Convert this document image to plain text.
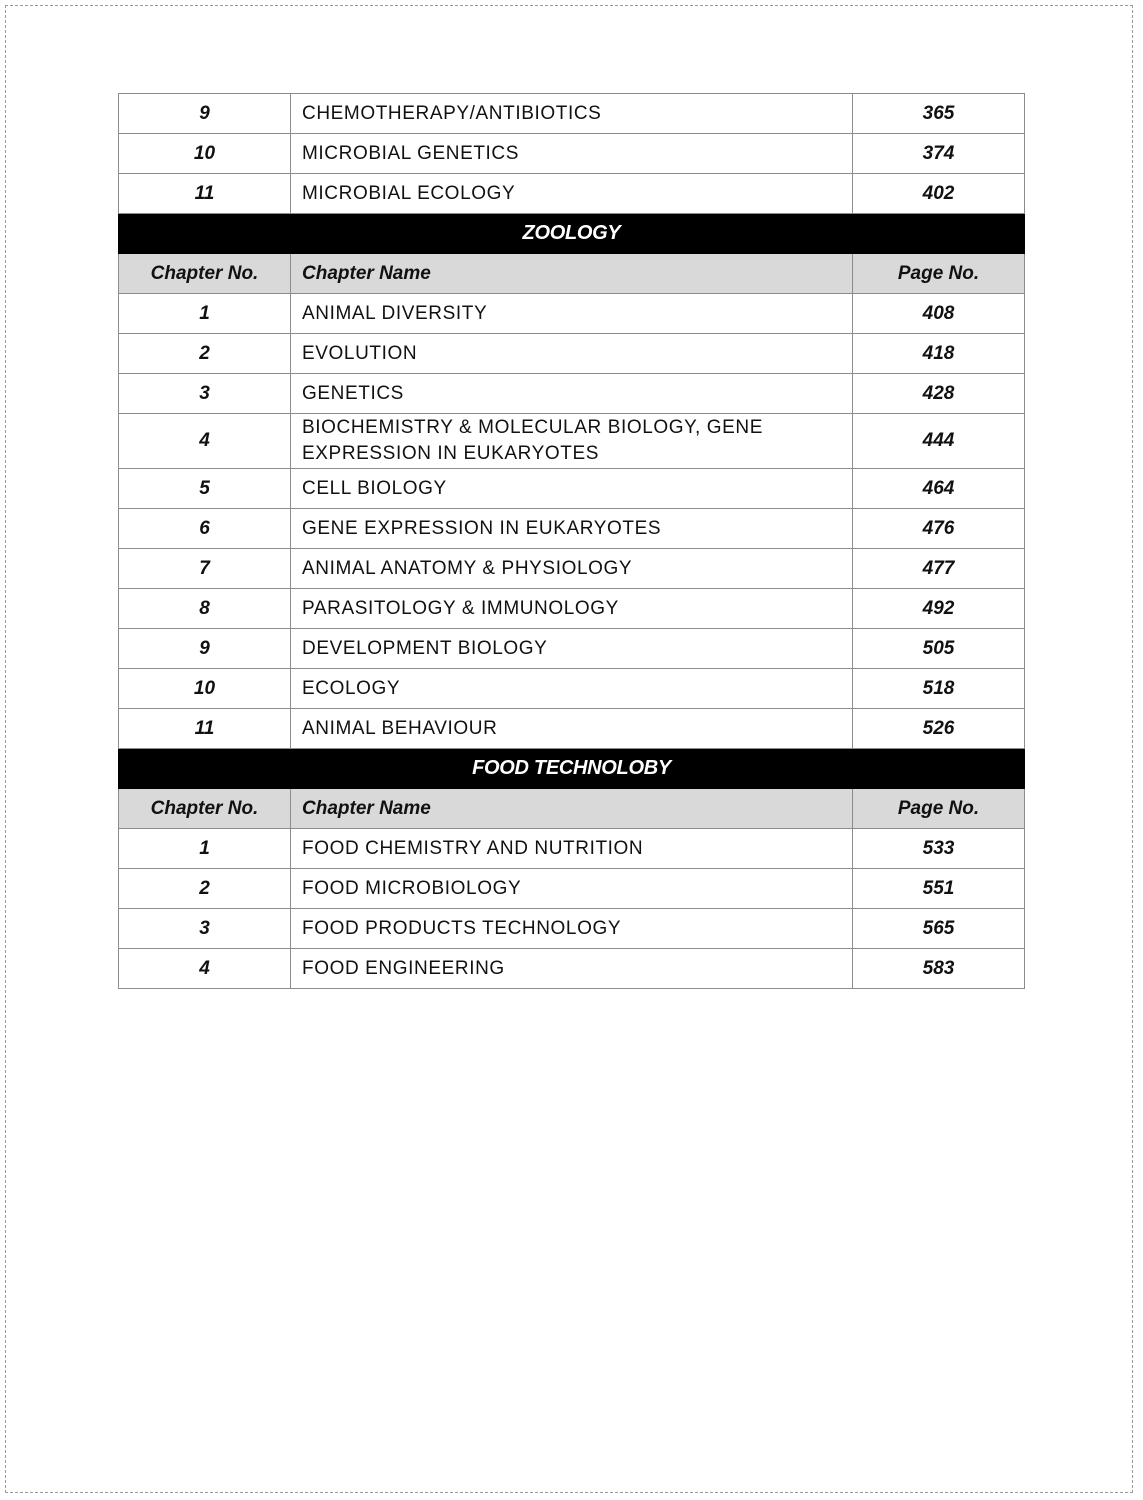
9	CHEMOTHERAPY/ANTIBIOTICS	365
10	MICROBIAL GENETICS	374
11	MICROBIAL ECOLOGY	402
ZOOLOGY		
Chapter No.	Chapter Name	Page No.
1	ANIMAL DIVERSITY	408
2	EVOLUTION	418
3	GENETICS	428
4	BIOCHEMISTRY & MOLECULAR BIOLOGY, GENE EXPRESSION IN EUKARYOTES	444
5	CELL BIOLOGY	464
6	GENE EXPRESSION IN EUKARYOTES	476
7	ANIMAL ANATOMY & PHYSIOLOGY	477
8	PARASITOLOGY & IMMUNOLOGY	492
9	DEVELOPMENT BIOLOGY	505
10	ECOLOGY	518
11	ANIMAL BEHAVIOUR	526
FOOD TECHNOLOBY		
Chapter No.	Chapter Name	Page No.
1	FOOD CHEMISTRY AND NUTRITION	533
2	FOOD MICROBIOLOGY	551
3	FOOD PRODUCTS TECHNOLOGY	565
4	FOOD ENGINEERING	583
